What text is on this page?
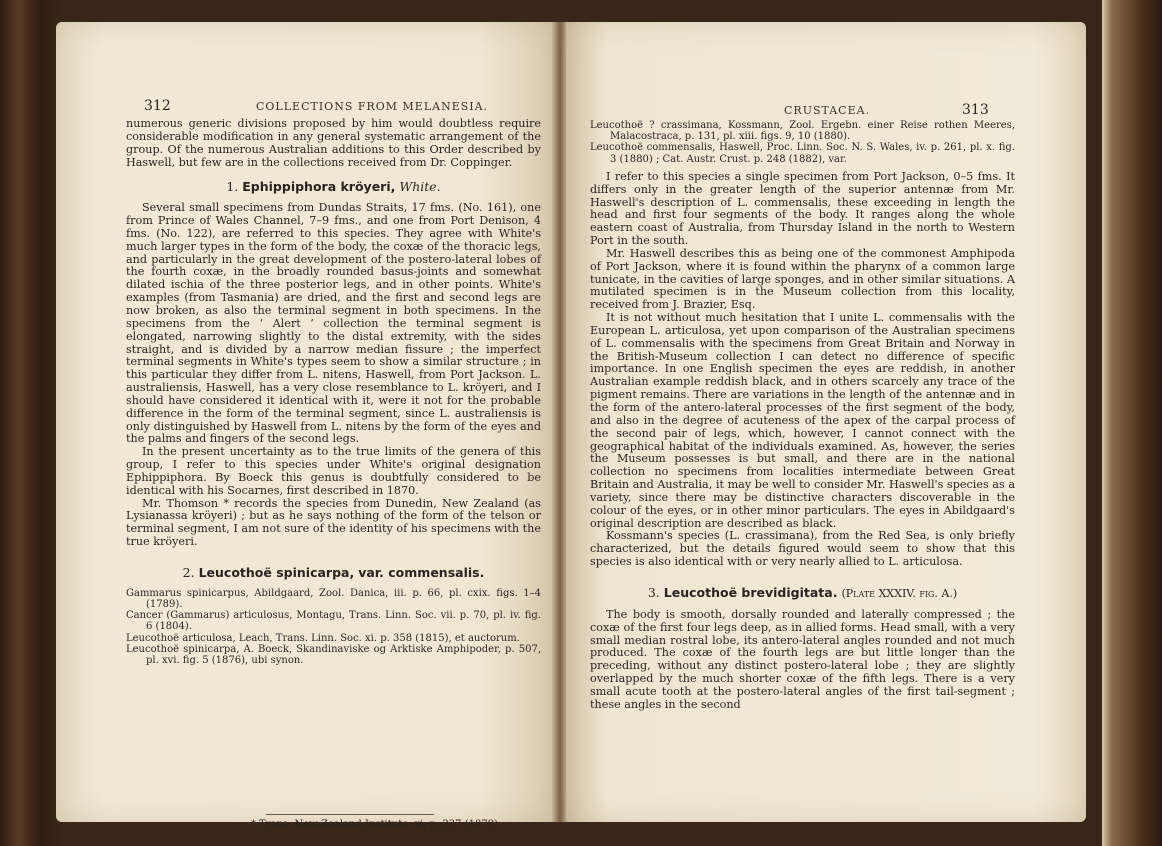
312	COLLECTIONS FROM MELANESIA.

numerous generic divisions proposed by him would doubtless require considerable modification in any general systematic arrangement of the group. Of the numerous Australian additions to this Order described by Haswell, but few are in the collections received from Dr. Coppinger.

1. Ephippiphora kröyeri, White.

Several small specimens from Dundas Straits, 17 fms. (No. 161), one from Prince of Wales Channel, 7–9 fms., and one from Port Denison, 4 fms. (No. 122), are referred to this species. They agree with White's much larger types in the form of the body, the coxæ of the thoracic legs, and particularly in the great development of the postero-lateral lobes of the fourth coxæ, in the broadly rounded basus-joints and somewhat dilated ischia of the three posterior legs, and in other points. White's examples (from Tasmania) are dried, and the first and second legs are now broken, as also the terminal segment in both specimens. In the specimens from the ‘ Alert ’ collection the terminal segment is elongated, narrowing slightly to the distal extremity, with the sides straight, and is divided by a narrow median fissure ; the imperfect terminal segments in White's types seem to show a similar structure ; in this particular they differ from L. nitens, Haswell, from Port Jackson. L. australiensis, Haswell, has a very close resemblance to L. kröyeri, and I should have considered it identical with it, were it not for the probable difference in the form of the terminal segment, since L. australiensis is only distinguished by Haswell from L. nitens by the form of the eyes and the palms and fingers of the second legs.

In the present uncertainty as to the true limits of the genera of this group, I refer to this species under White's original designation Ephippiphora. By Boeck this genus is doubtfully considered to be identical with his Socarnes, first described in 1870.

Mr. Thomson * records the species from Dunedin, New Zealand (as Lysianassa kröyeri) ; but as he says nothing of the form of the telson or terminal segment, I am not sure of the identity of his specimens with the true kröyeri.

2. Leucothoë spinicarpa, var. commensalis.

Gammarus spinicarpus, Abildgaard, Zool. Danica, iii. p. 66, pl. cxix. figs. 1–4 (1789).

Cancer (Gammarus) articulosus, Montagu, Trans. Linn. Soc. vii. p. 70, pl. iv. fig. 6 (1804).

Leucothoë articulosa, Leach, Trans. Linn. Soc. xi. p. 358 (1815), et auctorum.

Leucothoë spinicarpa, A. Boeck, Skandinaviske og Arktiske Amphipoder, p. 507, pl. xvi. fig. 5 (1876), ubi synon.

* Trans. New-Zealand Institute, xi. p. 237 (1879).
CRUSTACEA.	313

Leucothoë ? crassimana, Kossmann, Zool. Ergebn. einer Reise rothen Meeres, Malacostraca, p. 131, pl. xiii. figs. 9, 10 (1880).

Leucothoë commensalis, Haswell, Proc. Linn. Soc. N. S. Wales, iv. p. 261, pl. x. fig. 3 (1880) ; Cat. Austr. Crust. p. 248 (1882), var.

I refer to this species a single specimen from Port Jackson, 0–5 fms. It differs only in the greater length of the superior antennæ from Mr. Haswell's description of L. commensalis, these exceeding in length the head and first four segments of the body. It ranges along the whole eastern coast of Australia, from Thursday Island in the north to Western Port in the south.

Mr. Haswell describes this as being one of the commonest Amphipoda of Port Jackson, where it is found within the pharynx of a common large tunicate, in the cavities of large sponges, and in other similar situations. A mutilated specimen is in the Museum collection from this locality, received from J. Brazier, Esq.

It is not without much hesitation that I unite L. commensalis with the European L. articulosa, yet upon comparison of the Australian specimens of L. commensalis with the specimens from Great Britain and Norway in the British-Museum collection I can detect no difference of specific importance. In one English specimen the eyes are reddish, in another Australian example reddish black, and in others scarcely any trace of the pigment remains. There are variations in the length of the antennæ and in the form of the antero-lateral processes of the first segment of the body, and also in the degree of acuteness of the apex of the carpal process of the second pair of legs, which, however, I cannot connect with the geographical habitat of the individuals examined. As, however, the series the Museum possesses is but small, and there are in the national collection no specimens from localities intermediate between Great Britain and Australia, it may be well to consider Mr. Haswell's species as a variety, since there may be distinctive characters discoverable in the colour of the eyes, or in other minor particulars. The eyes in Abildgaard's original description are described as black.

Kossmann's species (L. crassimana), from the Red Sea, is only briefly characterized, but the details figured would seem to show that this species is also identical with or very nearly allied to L. articulosa.

3. Leucothoë brevidigitata. (Plate XXXIV. fig. A.)

The body is smooth, dorsally rounded and laterally compressed ; the coxæ of the first four legs deep, as in allied forms. Head small, with a very small median rostral lobe, its antero-lateral angles rounded and not much produced. The coxæ of the fourth legs are but little longer than the preceding, without any distinct postero-lateral lobe ; they are slightly overlapped by the much shorter coxæ of the fifth legs. There is a very small acute tooth at the postero-lateral angles of the first tail-segment ; these angles in the second
